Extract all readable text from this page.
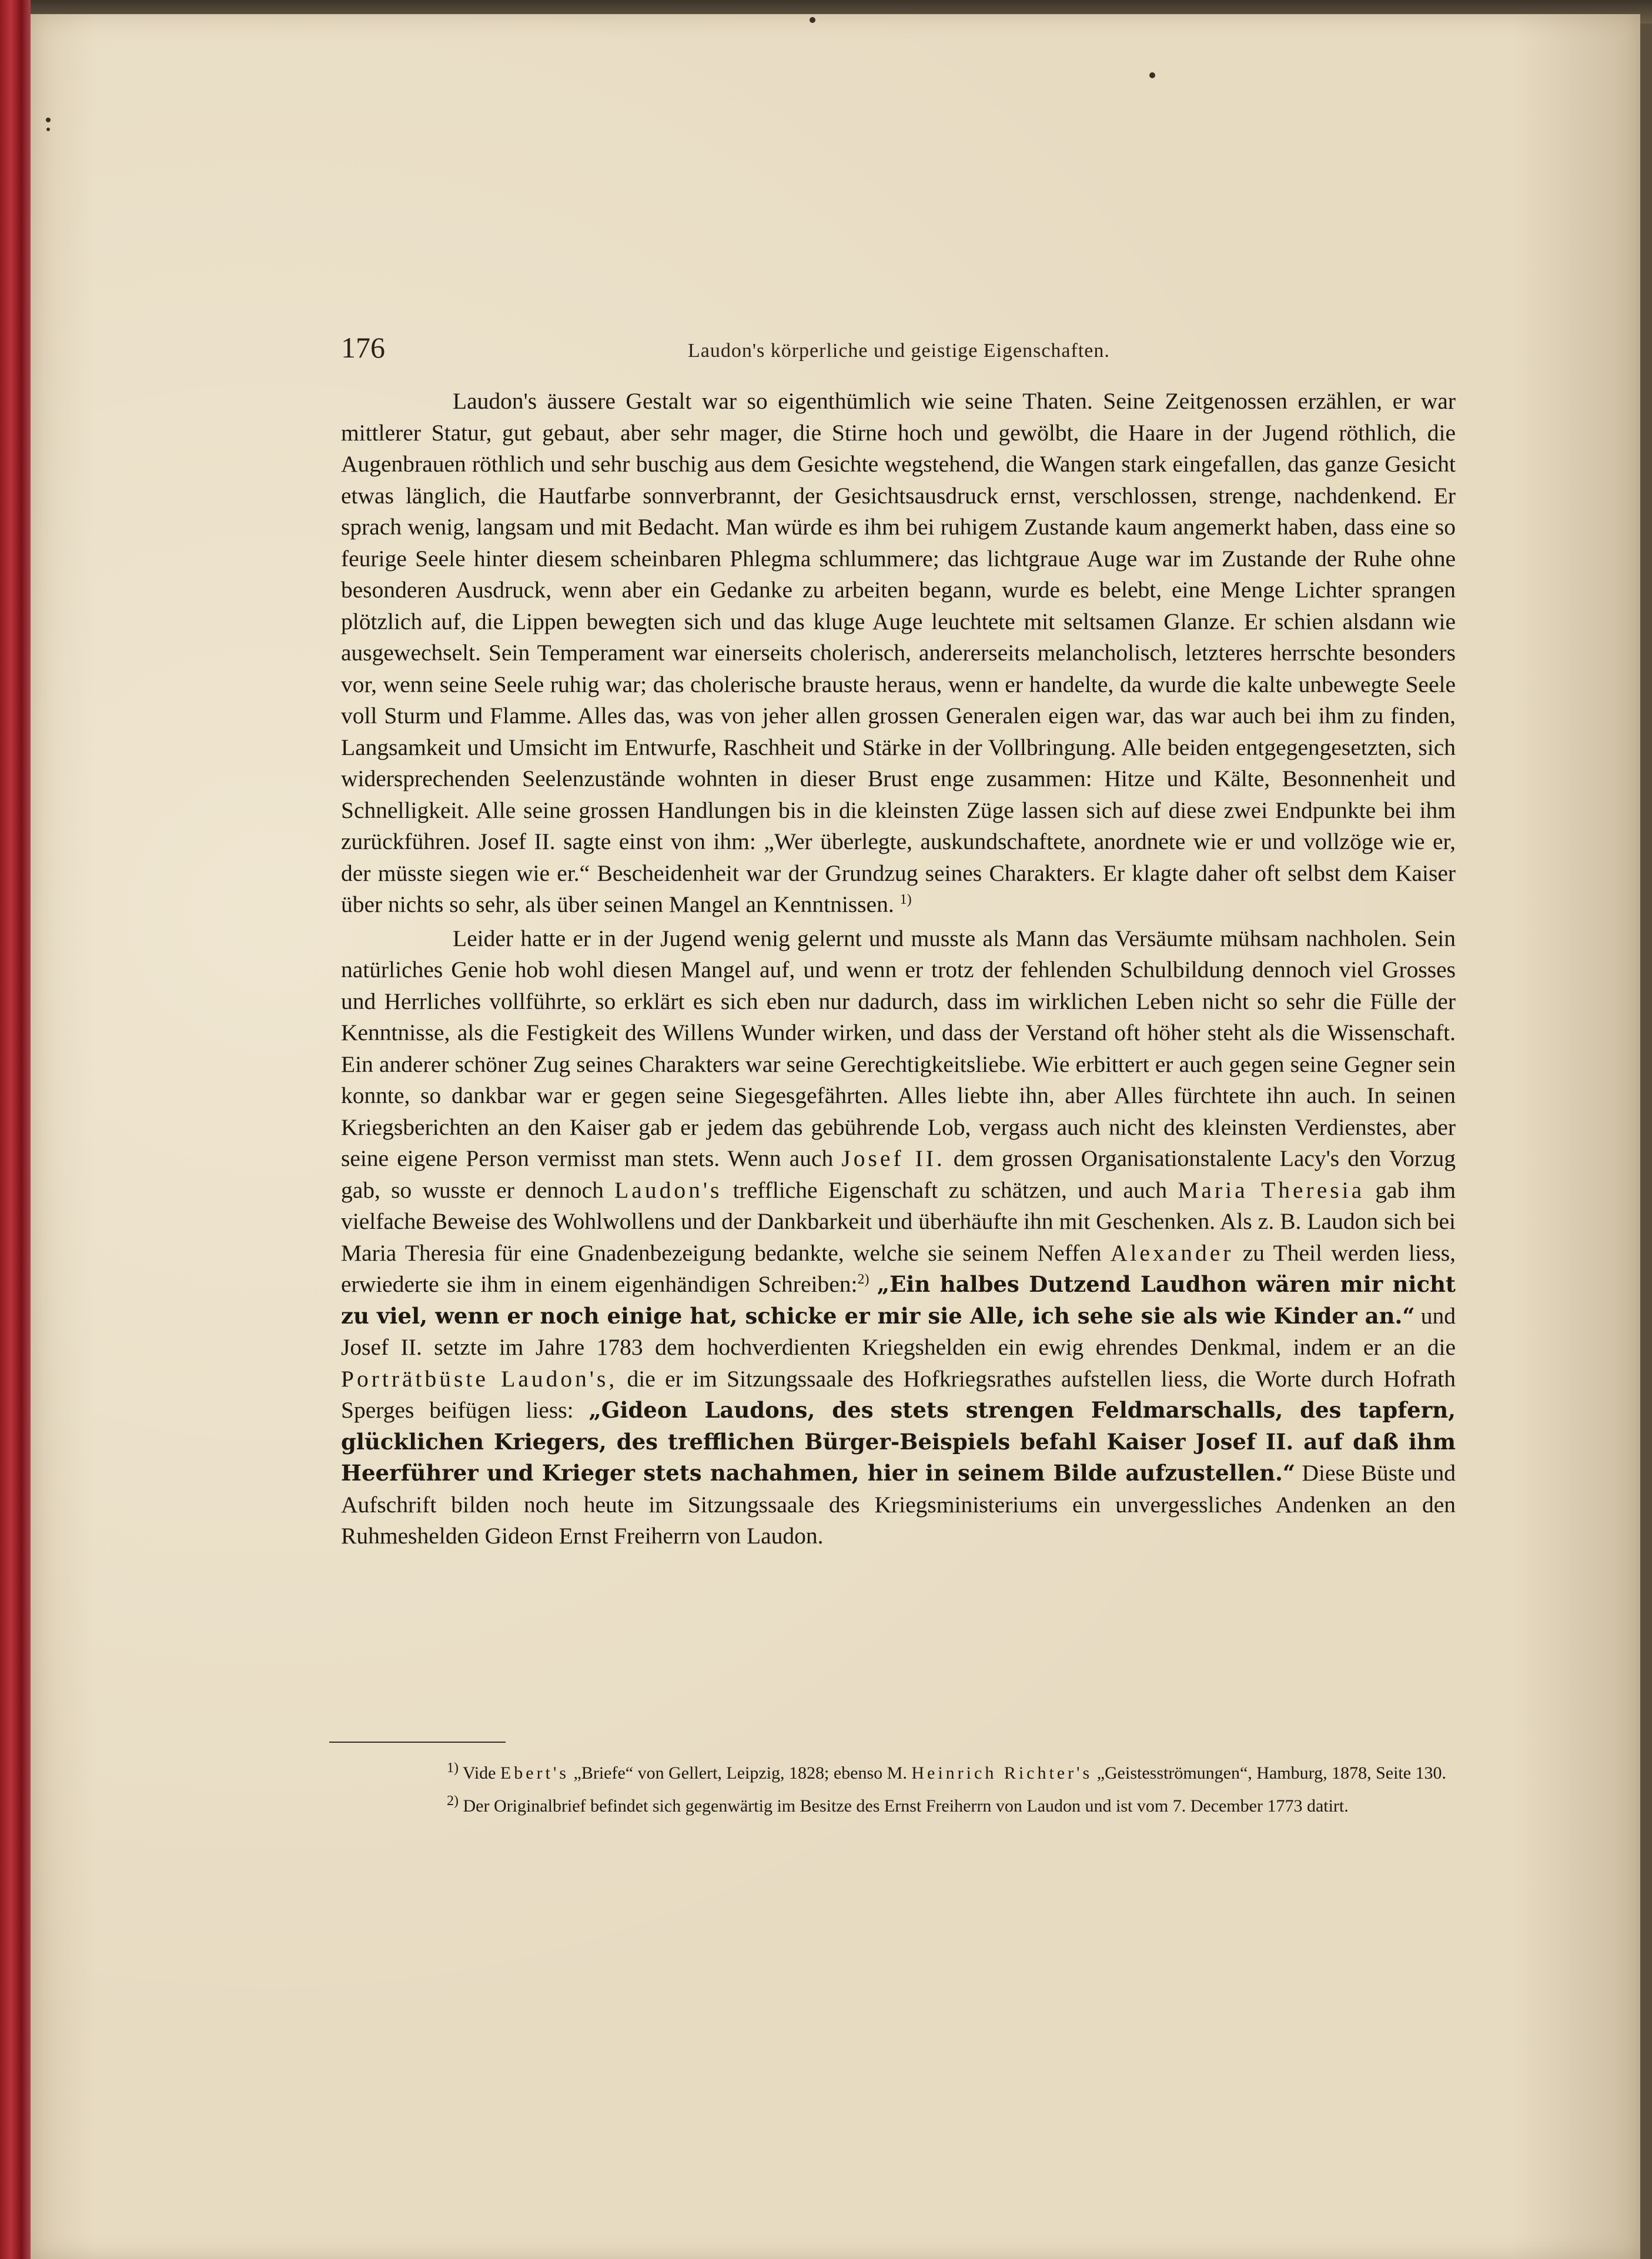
176	Laudon's körperliche und geistige Eigenschaften.

Laudon's äussere Gestalt war so eigenthümlich wie seine Thaten. Seine Zeitgenossen erzählen, er war mittlerer Statur, gut gebaut, aber sehr mager, die Stirne hoch und gewölbt, die Haare in der Jugend röthlich, die Augenbrauen röthlich und sehr buschig aus dem Gesichte wegstehend, die Wangen stark eingefallen, das ganze Gesicht etwas länglich, die Hautfarbe sonnverbrannt, der Gesichtsausdruck ernst, verschlossen, strenge, nachdenkend. Er sprach wenig, langsam und mit Bedacht. Man würde es ihm bei ruhigem Zustande kaum angemerkt haben, dass eine so feurige Seele hinter diesem scheinbaren Phlegma schlummere; das lichtgraue Auge war im Zustande der Ruhe ohne besonderen Ausdruck, wenn aber ein Gedanke zu arbeiten begann, wurde es belebt, eine Menge Lichter sprangen plötzlich auf, die Lippen bewegten sich und das kluge Auge leuchtete mit seltsamen Glanze. Er schien alsdann wie ausgewechselt. Sein Temperament war einerseits cholerisch, andererseits melancholisch, letzteres herrschte besonders vor, wenn seine Seele ruhig war; das cholerische brauste heraus, wenn er handelte, da wurde die kalte unbewegte Seele voll Sturm und Flamme. Alles das, was von jeher allen grossen Generalen eigen war, das war auch bei ihm zu finden, Langsamkeit und Umsicht im Entwurfe, Raschheit und Stärke in der Vollbringung. Alle beiden entgegengesetzten, sich widersprechenden Seelenzustände wohnten in dieser Brust enge zusammen: Hitze und Kälte, Besonnenheit und Schnelligkeit. Alle seine grossen Handlungen bis in die kleinsten Züge lassen sich auf diese zwei Endpunkte bei ihm zurückführen. Josef II. sagte einst von ihm: „Wer überlegte, auskundschaftete, anordnete wie er und vollzöge wie er, der müsste siegen wie er.“ Bescheidenheit war der Grundzug seines Charakters. Er klagte daher oft selbst dem Kaiser über nichts so sehr, als über seinen Mangel an Kenntnissen. $^{1)}$

Leider hatte er in der Jugend wenig gelernt und musste als Mann das Versäumte mühsam nachholen. Sein natürliches Genie hob wohl diesen Mangel auf, und wenn er trotz der fehlenden Schulbildung dennoch viel Grosses und Herrliches vollführte, so erklärt es sich eben nur dadurch, dass im wirklichen Leben nicht so sehr die Fülle der Kenntnisse, als die Festigkeit des Willens Wunder wirken, und dass der Verstand oft höher steht als die Wissenschaft. Ein anderer schöner Zug seines Charakters war seine Gerechtigkeitsliebe. Wie erbittert er auch gegen seine Gegner sein konnte, so dankbar war er gegen seine Siegesgefährten. Alles liebte ihn, aber Alles fürchtete ihn auch. In seinen Kriegsberichten an den Kaiser gab er jedem das gebührende Lob, vergass auch nicht des kleinsten Verdienstes, aber seine eigene Person vermisst man stets. Wenn auch Josef II. dem grossen Organisationstalente Lacy's den Vorzug gab, so wusste er dennoch Laudon's treffliche Eigenschaft zu schätzen, und auch Maria Theresia gab ihm vielfache Beweise des Wohlwollens und der Dankbarkeit und überhäufte ihn mit Geschenken. Als z. B. Laudon sich bei Maria Theresia für eine Gnadenbezeigung bedankte, welche sie seinem Neffen Alexander zu Theil werden liess, erwiederte sie ihm in einem eigenhändigen Schreiben:$^{2)}$ „Ein halbes Dutzend Laudhon wären mir nicht zu viel, wenn er noch einige hat, schicke er mir sie Alle, ich sehe sie als wie Kinder an.“ und Josef II. setzte im Jahre 1783 dem hochverdienten Kriegshelden ein ewig ehrendes Denkmal, indem er an die Porträtbüste Laudon's, die er im Sitzungssaale des Hofkriegsrathes aufstellen liess, die Worte durch Hofrath Sperges beifügen liess: „Gideon Laudons, des stets strengen Feldmarschalls, des tapfern, glücklichen Kriegers, des trefflichen Bürger-Beispiels befahl Kaiser Josef II. auf daß ihm Heerführer und Krieger stets nachahmen, hier in seinem Bilde aufzustellen.“ Diese Büste und Aufschrift bilden noch heute im Sitzungssaale des Kriegsministeriums ein unvergessliches Andenken an den Ruhmeshelden Gideon Ernst Freiherrn von Laudon.

$^{1)}$ Vide Ebert's „Briefe“ von Gellert, Leipzig, 1828; ebenso M. Heinrich Richter's „Geistesströmungen“, Hamburg, 1878, Seite 130.

$^{2)}$ Der Originalbrief befindet sich gegenwärtig im Besitze des Ernst Freiherrn von Laudon und ist vom 7. December 1773 datirt.
